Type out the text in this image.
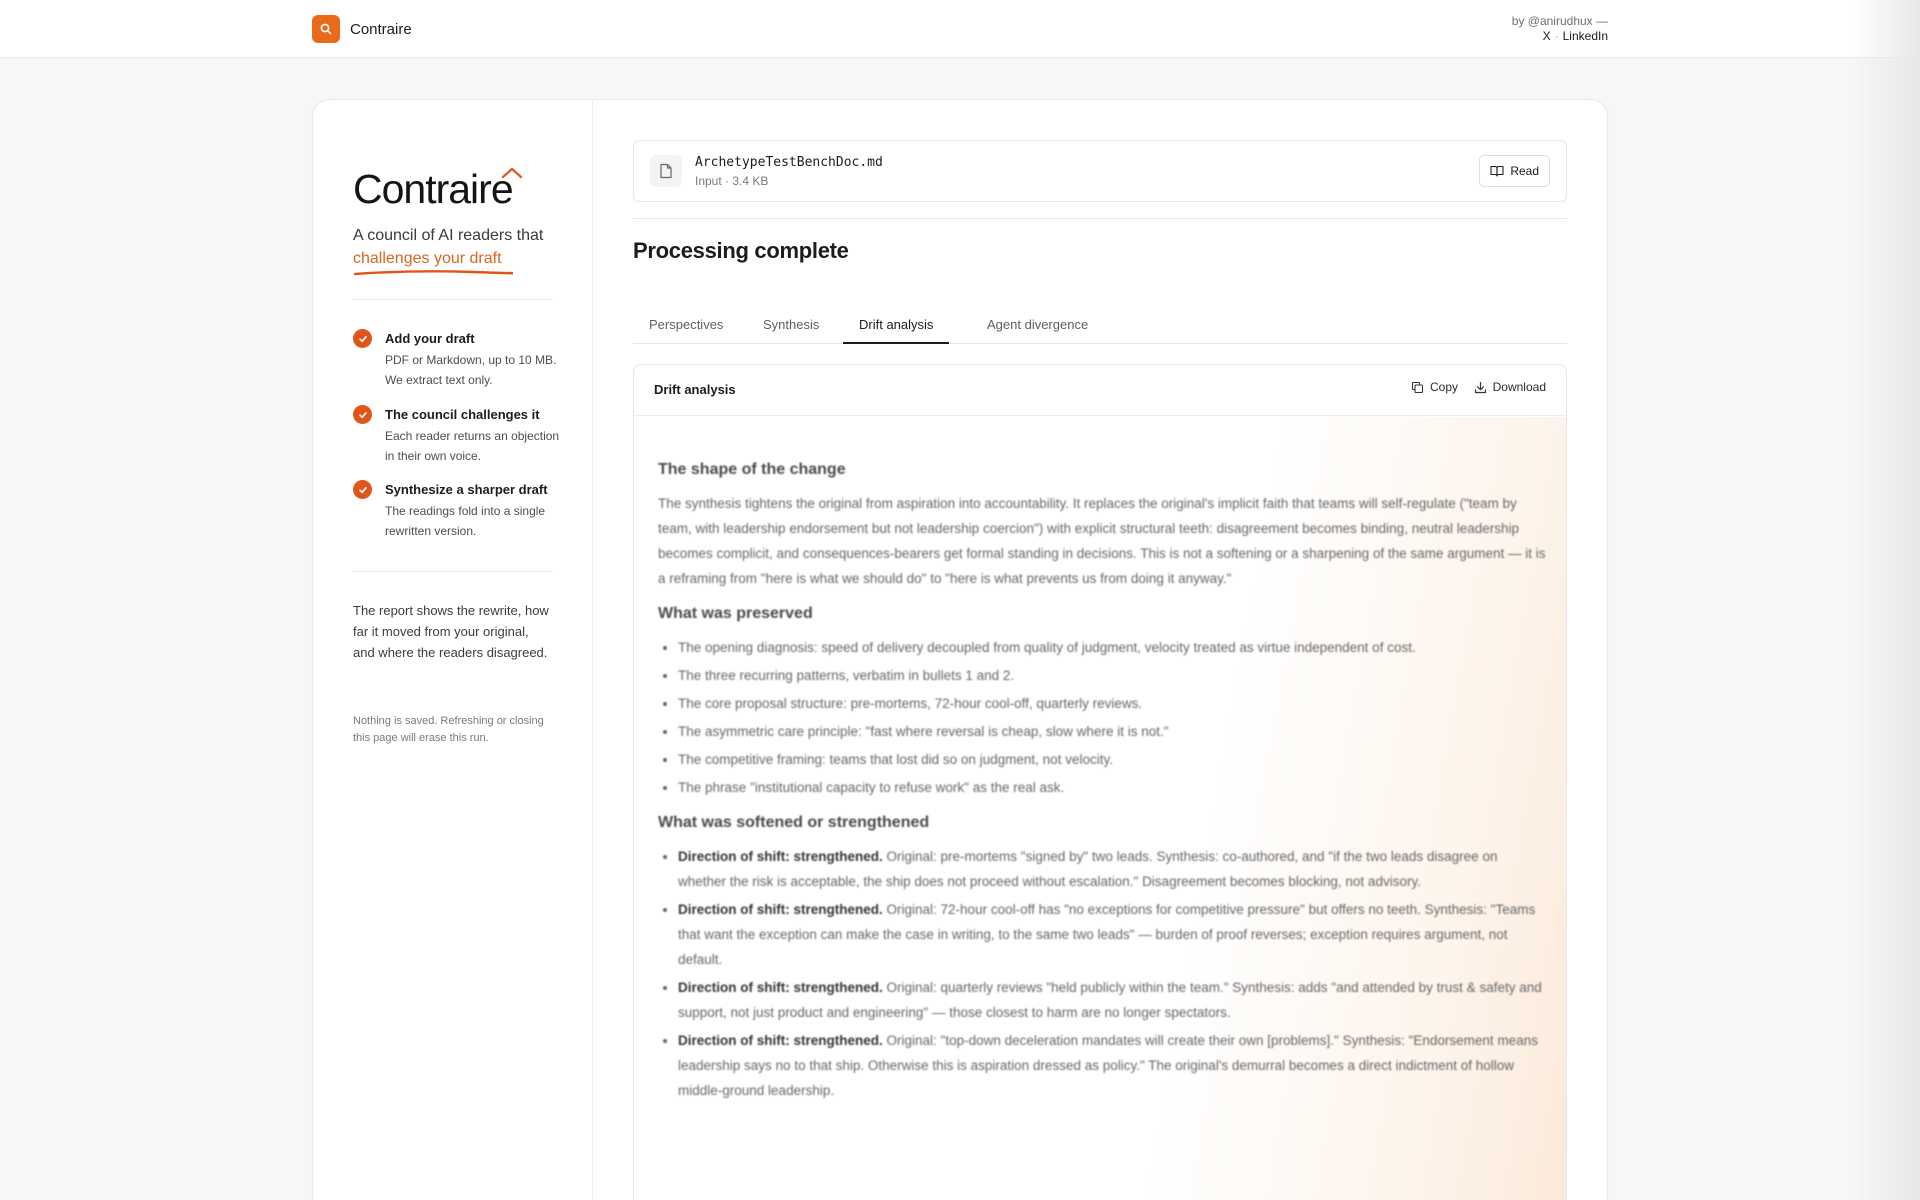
Contraire	by @anirudhux —
X · LinkedIn
Contraire
A council of AI readers that
challenges your draft
Add your draft
PDF or Markdown, up to 10 MB. We extract text only.
The council challenges it
Each reader returns an objection in their own voice.
Synthesize a sharper draft
The readings fold into a single rewritten version.
The report shows the rewrite, how far it moved from your original, and where the readers disagreed.
Nothing is saved. Refreshing or closing this page will erase this run.
ArchetypeTestBenchDoc.md
Input · 3.4 KB
Read
Processing complete
Perspectives	Synthesis	Drift analysis	Agent divergence
Drift analysis	Copy	Download
The shape of the change

The synthesis tightens the original from aspiration into accountability. It replaces the original's implicit faith that teams will self-regulate ("team by team, with leadership endorsement but not leadership coercion") with explicit structural teeth: disagreement becomes binding, neutral leadership becomes complicit, and consequences-bearers get formal standing in decisions. This is not a softening or a sharpening of the same argument — it is a reframing from "here is what we should do" to "here is what prevents us from doing it anyway."

What was preserved
• The opening diagnosis: speed of delivery decoupled from quality of judgment, velocity treated as virtue independent of cost.
• The three recurring patterns, verbatim in bullets 1 and 2.
• The core proposal structure: pre-mortems, 72-hour cool-off, quarterly reviews.
• The asymmetric care principle: "fast where reversal is cheap, slow where it is not."
• The competitive framing: teams that lost did so on judgment, not velocity.
• The phrase "institutional capacity to refuse work" as the real ask.
What was softened or strengthened
• Direction of shift: strengthened. Original: pre-mortems "signed by" two leads. Synthesis: co-authored, and "if the two leads disagree on whether the risk is acceptable, the ship does not proceed without escalation." Disagreement becomes blocking, not advisory.
• Direction of shift: strengthened. Original: 72-hour cool-off has "no exceptions for competitive pressure" but offers no teeth. Synthesis: "Teams that want the exception can make the case in writing, to the same two leads" — burden of proof reverses; exception requires argument, not default.
• Direction of shift: strengthened. Original: quarterly reviews "held publicly within the team." Synthesis: adds "and attended by trust & safety and support, not just product and engineering" — those closest to harm are no longer spectators.
• Direction of shift: strengthened. Original: "top-down deceleration mandates will create their own [problems]." Synthesis: "Endorsement means leadership says no to that ship. Otherwise this is aspiration dressed as policy." The original's demurral becomes a direct indictment of hollow middle-ground leadership.
